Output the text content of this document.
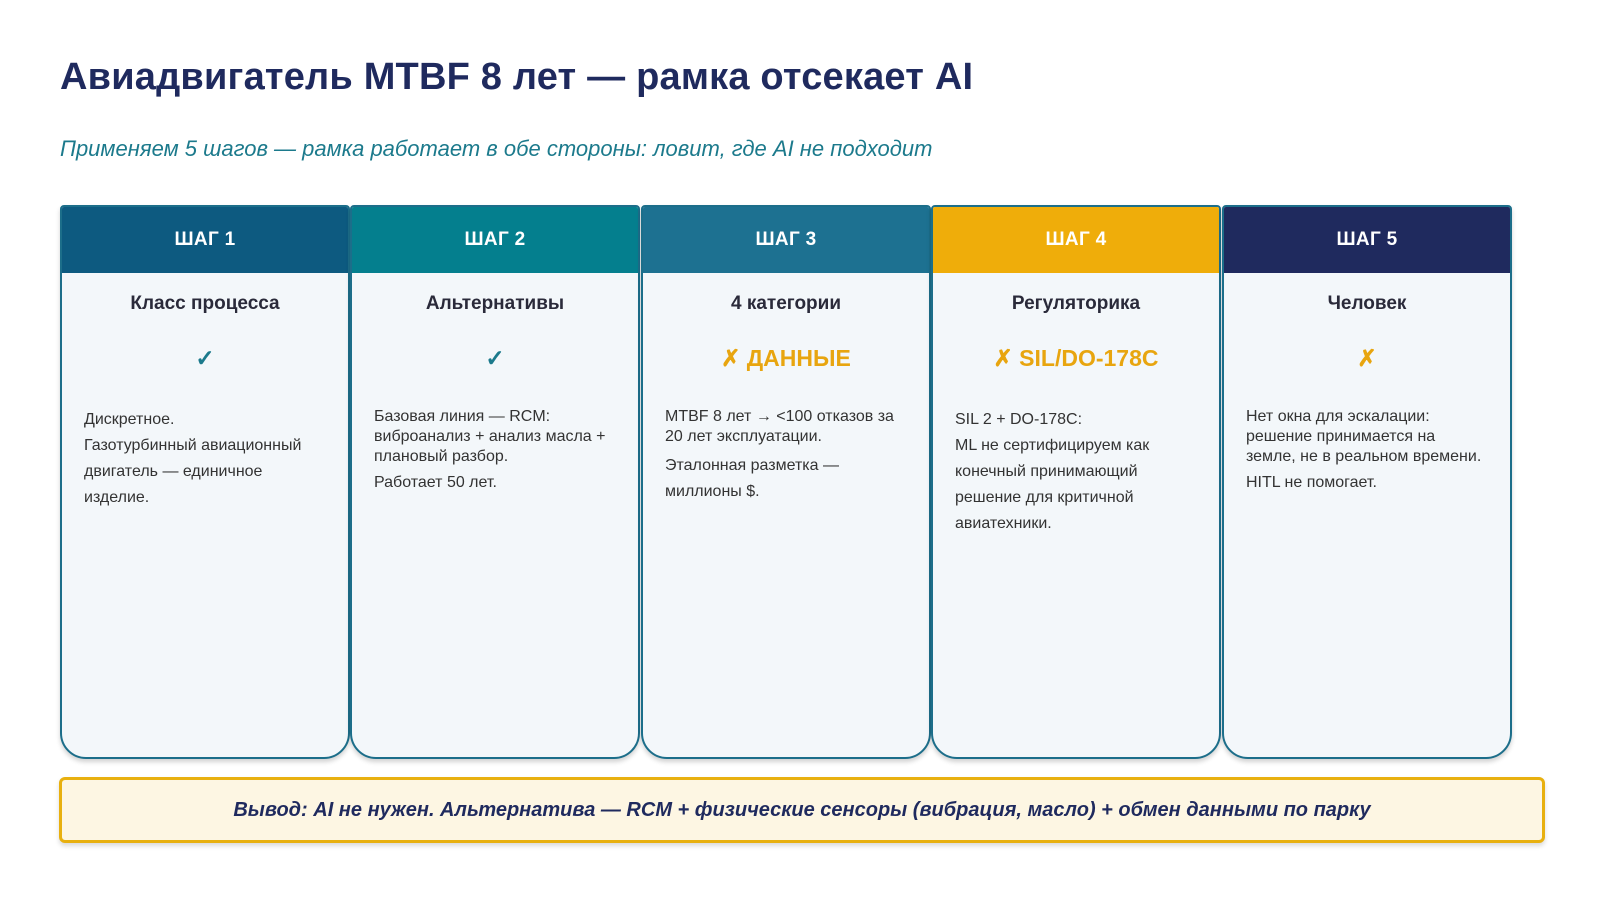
Авиадвигатель MTBF 8 лет — рамка отсекает AI
Применяем 5 шагов — рамка работает в обе стороны: ловит, где AI не подходит
ШАГ 1
Класс процесса
✓

Дискретное.

Газотурбинный авиационный

двигатель — единичное

изделие.

ШАГ 2
Альтернативы
✓

Базовая линия — RCM: виброанализ + анализ масла + плановый разбор.

Работает 50 лет.

ШАГ 3
4 категории
✗ ДАННЫЕ

MTBF 8 лет → <100 отказов за 20 лет эксплуатации.

Эталонная разметка —

миллионы $.

ШАГ 4
Регуляторика
✗ SIL/DO-178C

SIL 2 + DO-178C:

ML не сертифицируем как

конечный принимающий

решение для критичной

авиатехники.

ШАГ 5
Человек
✗

Нет окна для эскалации: решение принимается на земле, не в реальном времени.

HITL не помогает.

Вывод: AI не нужен. Альтернатива — RCM + физические сенсоры (вибрация, масло) + обмен данными по парку
